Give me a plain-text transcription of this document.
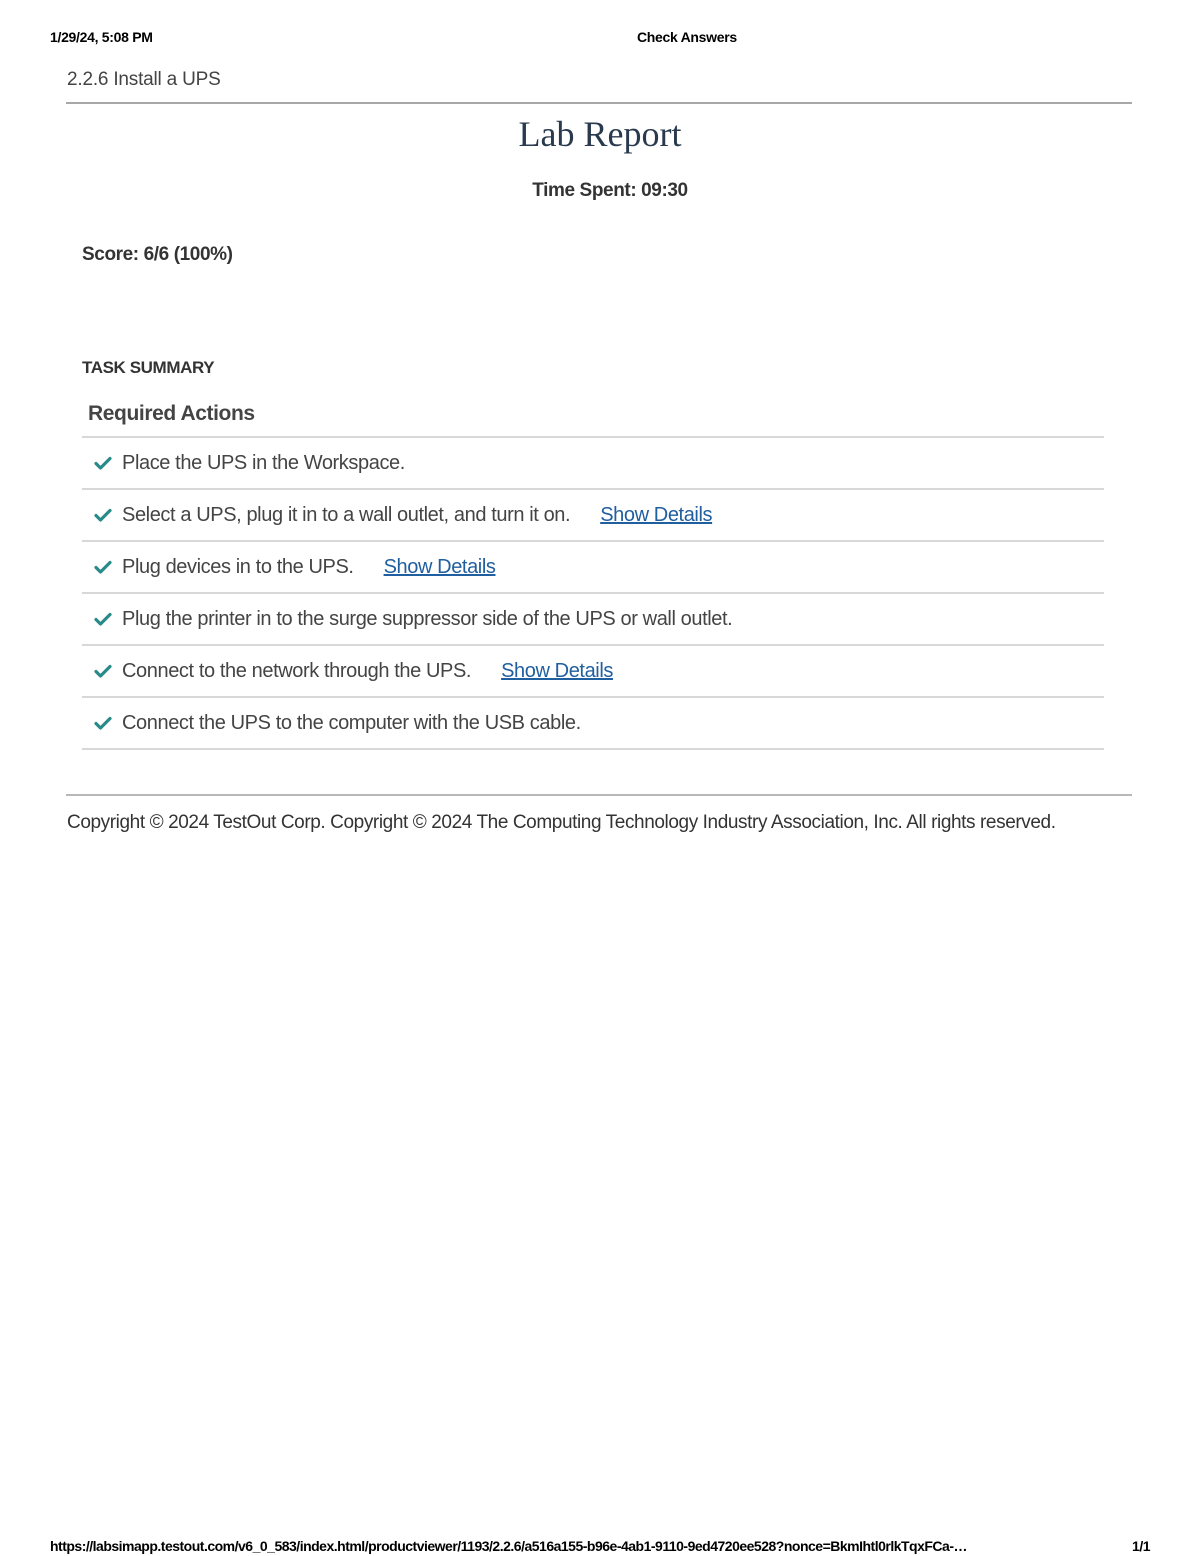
1/29/24, 5:08 PM	Check Answers
2.2.6 Install a UPS
Lab Report
Time Spent: 09:30
Score: 6/6 (100%)
TASK SUMMARY
Required Actions
Place the UPS in the Workspace.
Select a UPS, plug it in to a wall outlet, and turn it on. Show Details
Plug devices in to the UPS. Show Details
Plug the printer in to the surge suppressor side of the UPS or wall outlet.
Connect to the network through the UPS. Show Details
Connect the UPS to the computer with the USB cable.
Copyright © 2024 TestOut Corp. Copyright © 2024 The Computing Technology Industry Association, Inc. All rights reserved.
https://labsimapp.testout.com/v6_0_583/index.html/productviewer/1193/2.2.6/a516a155-b96e-4ab1-9110-9ed4720ee528?nonce=BkmIhtl0rlkTqxFCa-…	1/1
